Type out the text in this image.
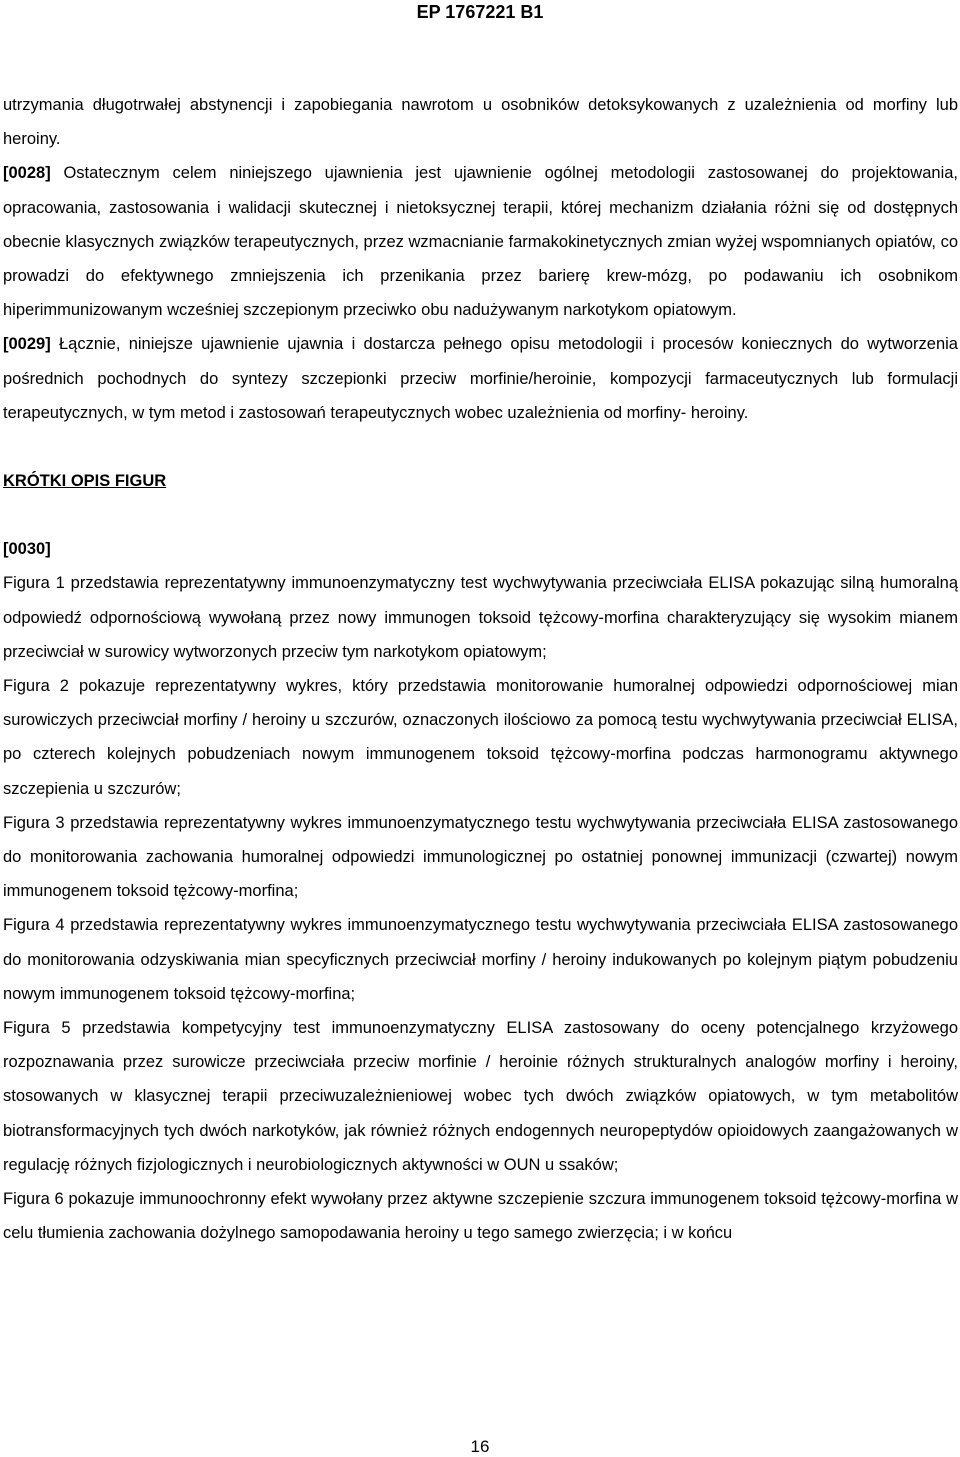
EP 1767221 B1

utrzymania długotrwałej abstynencji i zapobiegania nawrotom u osobników detoksykowanych z uzależnienia od morfiny lub heroiny.

[0028] Ostatecznym celem niniejszego ujawnienia jest ujawnienie ogólnej metodologii zastosowanej do projektowania, opracowania, zastosowania i walidacji skutecznej i nietoksycznej terapii, której mechanizm działania różni się od dostępnych obecnie klasycznych związków terapeutycznych, przez wzmacnianie farmakokinetycznych zmian wyżej wspomnianych opiatów, co prowadzi do efektywnego zmniejszenia ich przenikania przez barierę krew-mózg, po podawaniu ich osobnikom hiperimmunizowanym wcześniej szczepionym przeciwko obu nadużywanym narkotykom opiatowym.

[0029] Łącznie, niniejsze ujawnienie ujawnia i dostarcza pełnego opisu metodologii i procesów koniecznych do wytworzenia pośrednich pochodnych do syntezy szczepionki przeciw morfinie/heroinie, kompozycji farmaceutycznych lub formulacji terapeutycznych, w tym metod i zastosowań terapeutycznych wobec uzależnienia od morfiny- heroiny.

KRÓTKI OPIS FIGUR

[0030]

Figura 1 przedstawia reprezentatywny immunoenzymatyczny test wychwytywania przeciwciała ELISA pokazując silną humoralną odpowiedź odpornościową wywołaną przez nowy immunogen toksoid tężcowy-morfina charakteryzujący się wysokim mianem przeciwciał w surowicy wytworzonych przeciw tym narkotykom opiatowym;

Figura 2 pokazuje reprezentatywny wykres, który przedstawia monitorowanie humoralnej odpowiedzi odpornościowej mian surowiczych przeciwciał morfiny / heroiny u szczurów, oznaczonych ilościowo za pomocą testu wychwytywania przeciwciał ELISA, po czterech kolejnych pobudzeniach nowym immunogenem toksoid tężcowy-morfina podczas harmonogramu aktywnego szczepienia u szczurów;

Figura 3 przedstawia reprezentatywny wykres immunoenzymatycznego testu wychwytywania przeciwciała ELISA zastosowanego do monitorowania zachowania humoralnej odpowiedzi immunologicznej po ostatniej ponownej immunizacji (czwartej) nowym immunogenem toksoid tężcowy-morfina;

Figura 4 przedstawia reprezentatywny wykres immunoenzymatycznego testu wychwytywania przeciwciała ELISA zastosowanego do monitorowania odzyskiwania mian specyficznych przeciwciał morfiny / heroiny indukowanych po kolejnym piątym pobudzeniu nowym immunogenem toksoid tężcowy-morfina;

Figura 5 przedstawia kompetycyjny test immunoenzymatyczny ELISA zastosowany do oceny potencjalnego krzyżowego rozpoznawania przez surowicze przeciwciała przeciw morfinie / heroinie różnych strukturalnych analogów morfiny i heroiny, stosowanych w klasycznej terapii przeciwuzależnieniowej wobec tych dwóch związków opiatowych, w tym metabolitów biotransformacyjnych tych dwóch narkotyków, jak również różnych endogennych neuropeptydów opioidowych zaangażowanych w regulację różnych fizjologicznych i neurobiologicznych aktywności w OUN u ssaków;

Figura 6 pokazuje immunoochronny efekt wywołany przez aktywne szczepienie szczura immunogenem toksoid tężcowy-morfina w celu tłumienia zachowania dożylnego samopodawania heroiny u tego samego zwierzęcia; i w końcu

16
